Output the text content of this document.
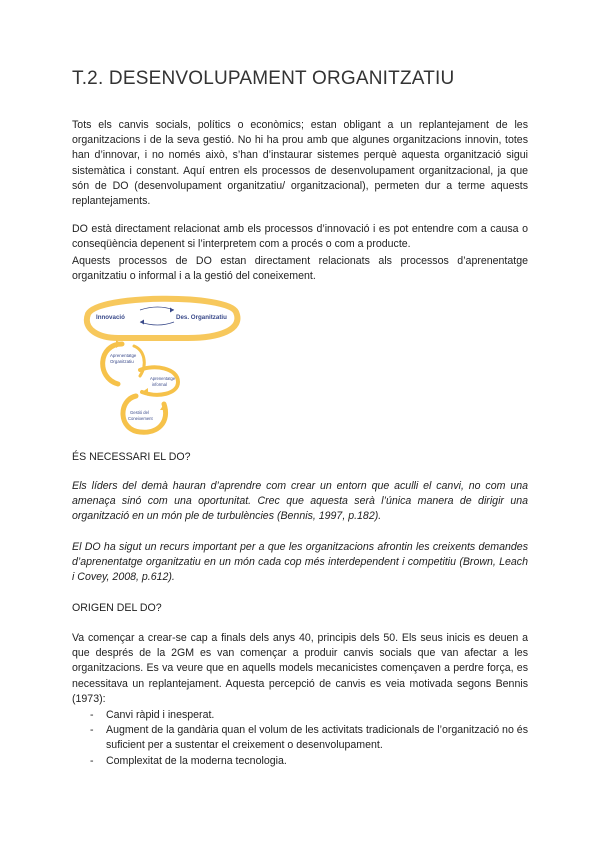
T.2. DESENVOLUPAMENT ORGANITZATIU

Tots els canvis socials, polítics o econòmics; estan obligant a un replantejament de les organitzacions i de la seva gestió. No hi ha prou amb que algunes organitzacions innovin, totes han d’innovar, i no només això, s’han d’instaurar sistemes perquè aquesta organització sigui sistemàtica i constant. Aquí entren els processos de desenvolupament organitzacional, ja que són de DO (desenvolupament organitzatiu/ organitzacional), permeten dur a terme aquests replantejaments.

DO està directament relacionat amb els processos d’innovació i es pot entendre com a causa o conseqüència depenent si l’interpretem com a procés o com a producte.

Aquests processos de DO estan directament relacionats als processos d’aprenentatge organitzatiu o informal i a la gestió del coneixement.

Innovació	Des. Organitzatiu
Aprenentatge
Organitzatiu
Aprenentatge
informal
Gestió del
Coneixement

ÉS NECESSARI EL DO?

Els líders del demà hauran d’aprendre com crear un entorn que aculli el canvi, no com una amenaça sinó com una oportunitat. Crec que aquesta serà l’única manera de dirigir una organització en un món ple de turbulències (Bennis, 1997, p.182).

El DO ha sigut un recurs important per a que les organitzacions afrontin les creixents demandes d’aprenentatge organitzatiu en un món cada cop més interdependent i competitiu (Brown, Leach i Covey, 2008, p.612).

ORIGEN DEL DO?

Va començar a crear-se cap a finals dels anys 40, principis dels 50. Els seus inicis es deuen a que després de la 2GM es van començar a produir canvis socials que van afectar a les organitzacions. Es va veure que en aquells models mecanicistes començaven a perdre força, es necessitava un replantejament. Aquesta percepció de canvis es veia motivada segons Bennis (1973):

- Canvi ràpid i inesperat.
- Augment de la gandària quan el volum de les activitats tradicionals de l’organització no és suficient per a sustentar el creixement o desenvolupament.
- Complexitat de la moderna tecnologia.
